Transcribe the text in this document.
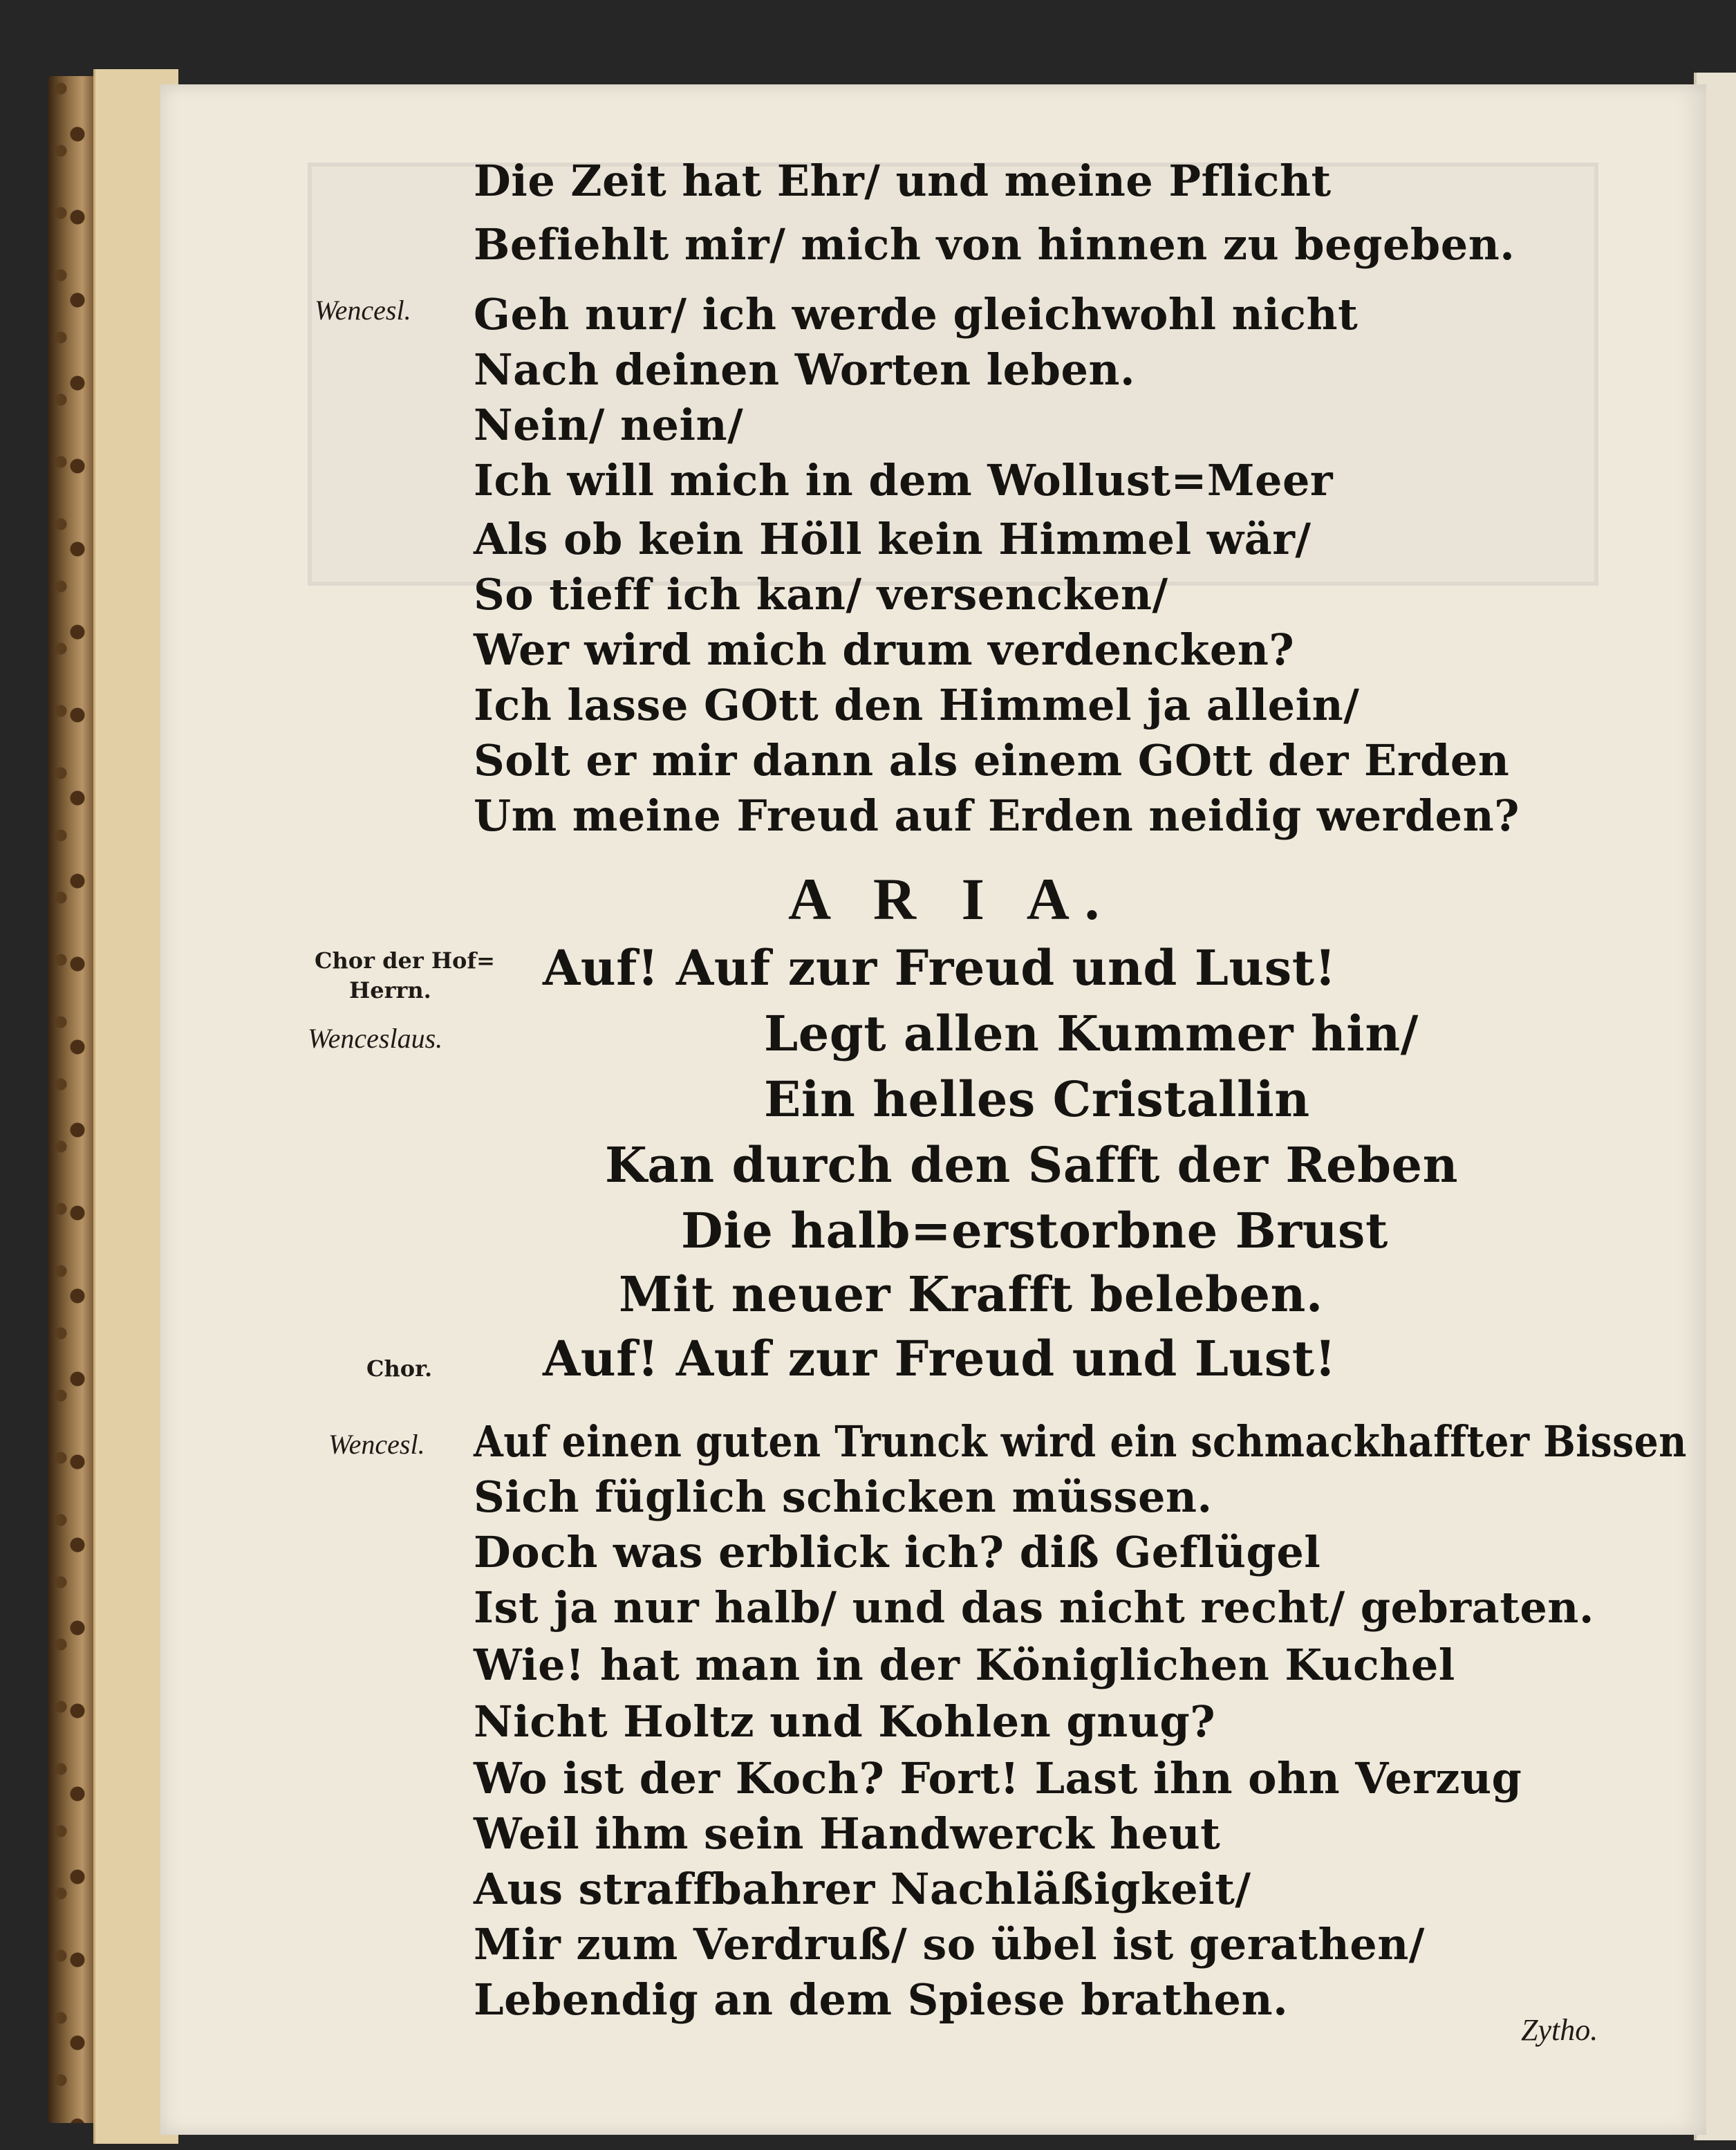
Die Zeit hat Ehr/ und meine Pflicht
Befiehlt mir/ mich von hinnen zu begeben.
Wencesl. Geh nur/ ich werde gleichwohl nicht
Nach deinen Worten leben.
Nein/ nein/
Ich will mich in dem Wollust=Meer
Als ob kein Höll kein Himmel wär/
So tieff ich kan/ versencken/
Wer wird mich drum verdencken?
Ich lasse GOtt den Himmel ja allein/
Solt er mir dann als einem GOtt der Erden
Um meine Freud auf Erden neidig werden?
A R I A.
Chor der Hof=
Herrn.
Wenceslaus.
Auf! Auf zur Freud und Lust!
Legt allen Kummer hin/
Ein helles Cristallin
Kan durch den Safft der Reben
Die halb=erstorbne Brust
Mit neuer Krafft beleben.
Chor. Auf! Auf zur Freud und Lust!
Wencesl. Auf einen guten Trunck wird ein schmackhaffter Bissen
Sich füglich schicken müssen.
Doch was erblick ich? diß Geflügel
Ist ja nur halb/ und das nicht recht/ gebraten.
Wie! hat man in der Königlichen Kuchel
Nicht Holtz und Kohlen gnug?
Wo ist der Koch? Fort! Last ihn ohn Verzug
Weil ihm sein Handwerck heut
Aus straffbahrer Nachläßigkeit/
Mir zum Verdruß/ so übel ist gerathen/
Lebendig an dem Spiese brathen.
Zytho.
